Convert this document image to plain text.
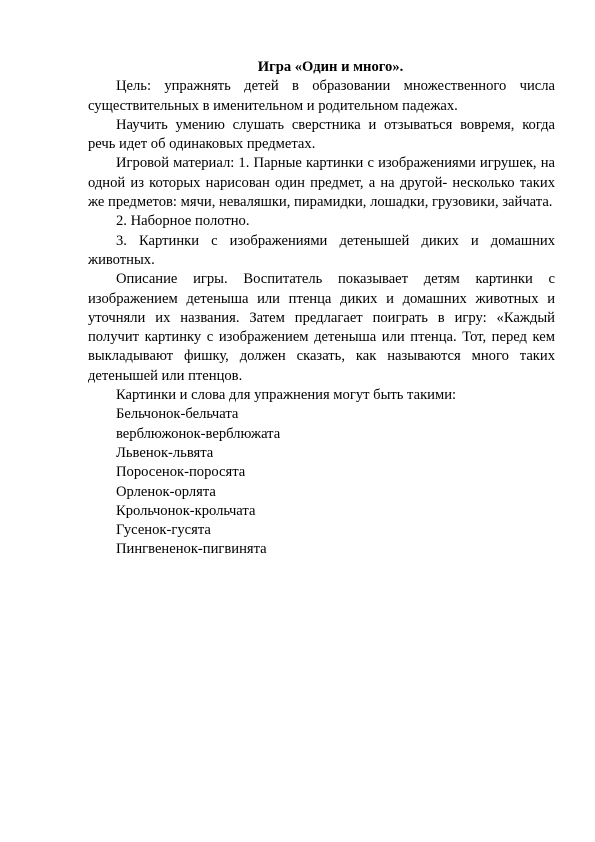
Игра «Один и много».

Цель: упражнять детей в образовании множественного числа существительных в именительном и родительном падежах.

Научить умению слушать сверстника и отзываться вовремя, когда речь идет об одинаковых предметах.

Игровой материал: 1. Парные картинки с изображениями игрушек, на одной из которых нарисован один предмет, а на другой- несколько таких же предметов: мячи, неваляшки, пирамидки, лошадки, грузовики, зайчата.

2. Наборное полотно.

3. Картинки с изображениями детенышей диких и домашних животных.

Описание игры. Воспитатель показывает детям картинки с изображением детеныша или птенца диких и домашних животных и уточняли их названия. Затем предлагает поиграть в игру: «Каждый получит картинку с изображением детеныша или птенца. Тот, перед кем выкладывают фишку, должен сказать, как называются много таких детенышей или птенцов.

Картинки и слова для упражнения могут быть такими:

Бельчонок-бельчата

верблюжонок-верблюжата

Львенок-львята

Поросенок-поросята

Орленок-орлята

Крольчонок-крольчата

Гусенок-гусята

Пингвененок-пигвинята
